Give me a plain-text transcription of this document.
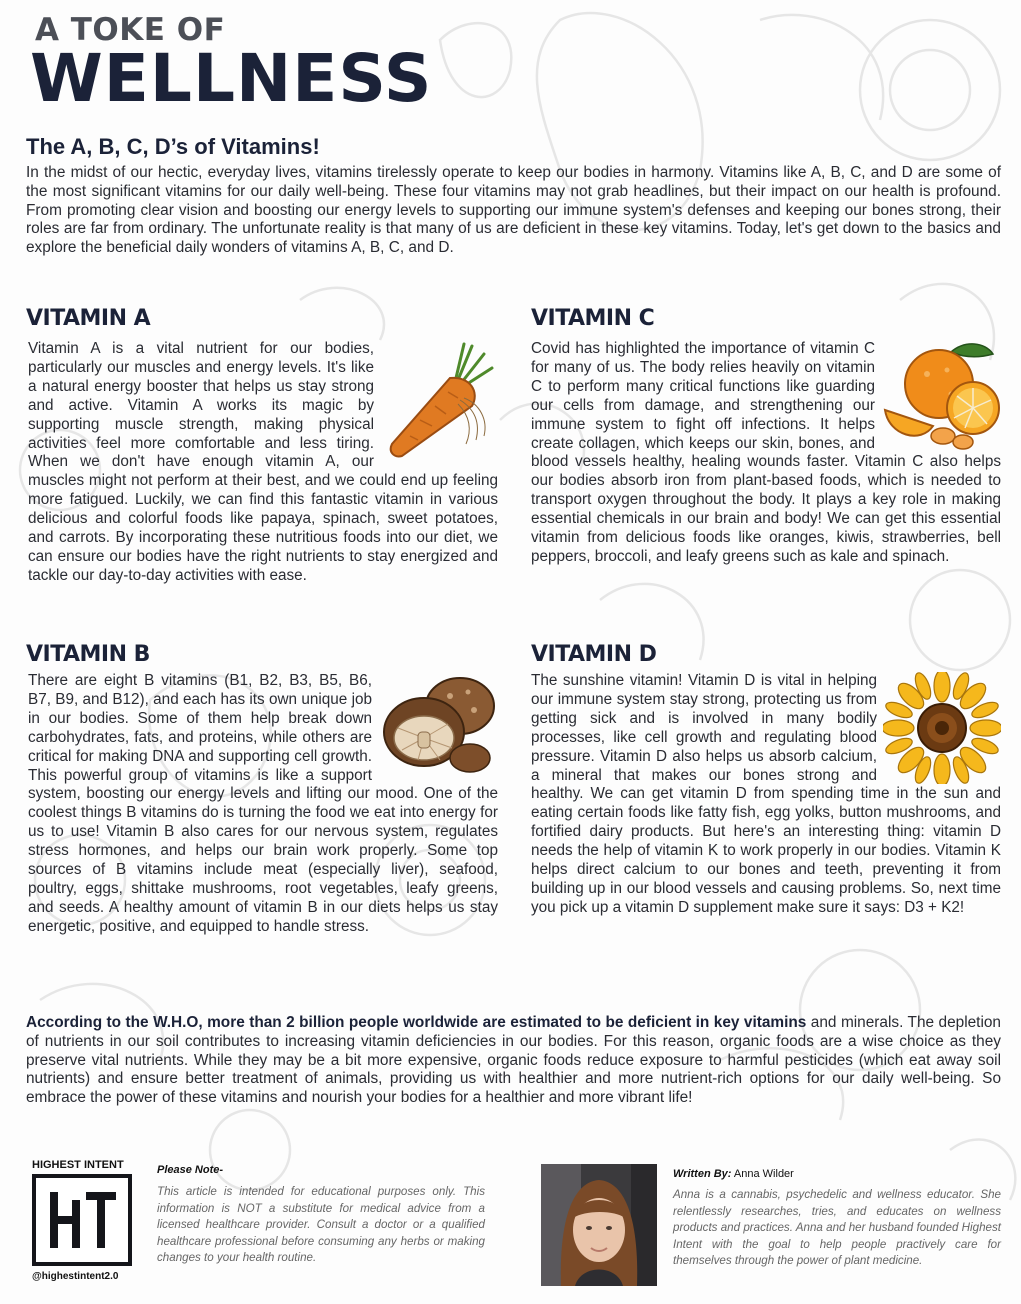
A TOKE OF
WELLNESS
The A, B, C, D’s of Vitamins!

In the midst of our hectic, everyday lives, vitamins tirelessly operate to keep our bodies in harmony. Vitamins like A, B, C, and D are some of the most significant vitamins for our daily well-being. These four vitamins may not grab headlines, but their impact on our health is profound. From promoting clear vision and boosting our energy levels to supporting our immune system's defenses and keeping our bones strong, their roles are far from ordinary. The unfortunate reality is that many of us are deficient in these key vitamins. Today, let's get down to the basics and explore the beneficial daily wonders of vitamins A, B, C, and D.

VITAMIN A
Vitamin A is a vital nutrient for our bodies, particularly our muscles and energy levels. It's like a natural energy booster that helps us stay strong and active. Vitamin A works its magic by supporting muscle strength, making physical activities feel more comfortable and less tiring. When we don't have enough vitamin A, our muscles might not perform at their best, and we could end up feeling more fatigued. Luckily, we can find this fantastic vitamin in various delicious and colorful foods like papaya, spinach, sweet potatoes, and carrots. By incorporating these nutritious foods into our diet, we can ensure our bodies have the right nutrients to stay energized and tackle our day-to-day activities with ease.
VITAMIN C
Covid has highlighted the importance of vitamin C for many of us. The body relies heavily on vitamin C to perform many critical functions like guarding our cells from damage, and strengthening our immune system to fight off infections. It helps create collagen, which keeps our skin, bones, and blood vessels healthy, healing wounds faster. Vitamin C also helps our bodies absorb iron from plant-based foods, which is needed to transport oxygen throughout the body. It plays a key role in making essential chemicals in our brain and body! We can get this essential vitamin from delicious foods like oranges, kiwis, strawberries, bell peppers, broccoli, and leafy greens such as kale and spinach.
VITAMIN B
There are eight B vitamins (B1, B2, B3, B5, B6, B7, B9, and B12), and each has its own unique job in our bodies. Some of them help break down carbohydrates, fats, and proteins, while others are critical for making DNA and supporting cell growth. This powerful group of vitamins is like a support system, boosting our energy levels and lifting our mood. One of the coolest things B vitamins do is turning the food we eat into energy for us to use! Vitamin B also cares for our nervous system, regulates stress hormones, and helps our brain work properly. Some top sources of B vitamins include meat (especially liver), seafood, poultry, eggs, shittake mushrooms, root vegetables, leafy greens, and seeds. A healthy amount of vitamin B in our diets helps us stay energetic, positive, and equipped to handle stress.
VITAMIN D
The sunshine vitamin! Vitamin D is vital in helping our immune system stay strong, protecting us from getting sick and is involved in many bodily processes, like cell growth and regulating blood pressure. Vitamin D also helps us absorb calcium, a mineral that makes our bones strong and healthy. We can get vitamin D from spending time in the sun and eating certain foods like fatty fish, egg yolks, button mushrooms, and fortified dairy products. But here's an interesting thing: vitamin D needs the help of vitamin K to work properly in our bodies. Vitamin K helps direct calcium to our bones and teeth, preventing it from building up in our blood vessels and causing problems. So, next time you pick up a vitamin D supplement make sure it says: D3 + K2!

According to the W.H.O, more than 2 billion people worldwide are estimated to be deficient in key vitamins and minerals. The depletion of nutrients in our soil contributes to increasing vitamin deficiencies in our bodies. For this reason, organic foods are a wise choice as they preserve vital nutrients. While they may be a bit more expensive, organic foods reduce exposure to harmful pesticides (which eat away soil nutrients) and ensure better treatment of animals, providing us with healthier and more nutrient-rich options for our daily well-being. So embrace the power of these vitamins and nourish your bodies for a healthier and more vibrant life!

HIGHEST INTENT
@highestintent2.0
Please Note-

This article is intended for educational purposes only. This information is NOT a substitute for medical advice from a licensed healthcare provider. Consult a doctor or a qualified healthcare professional before consuming any herbs or making changes to your health routine.

Written By: Anna Wilder

Anna is a cannabis, psychedelic and wellness educator. She relentlessly researches, tries, and educates on wellness products and practices. Anna and her husband founded Highest Intent with the goal to help people practively care for themselves through the power of plant medicine.
